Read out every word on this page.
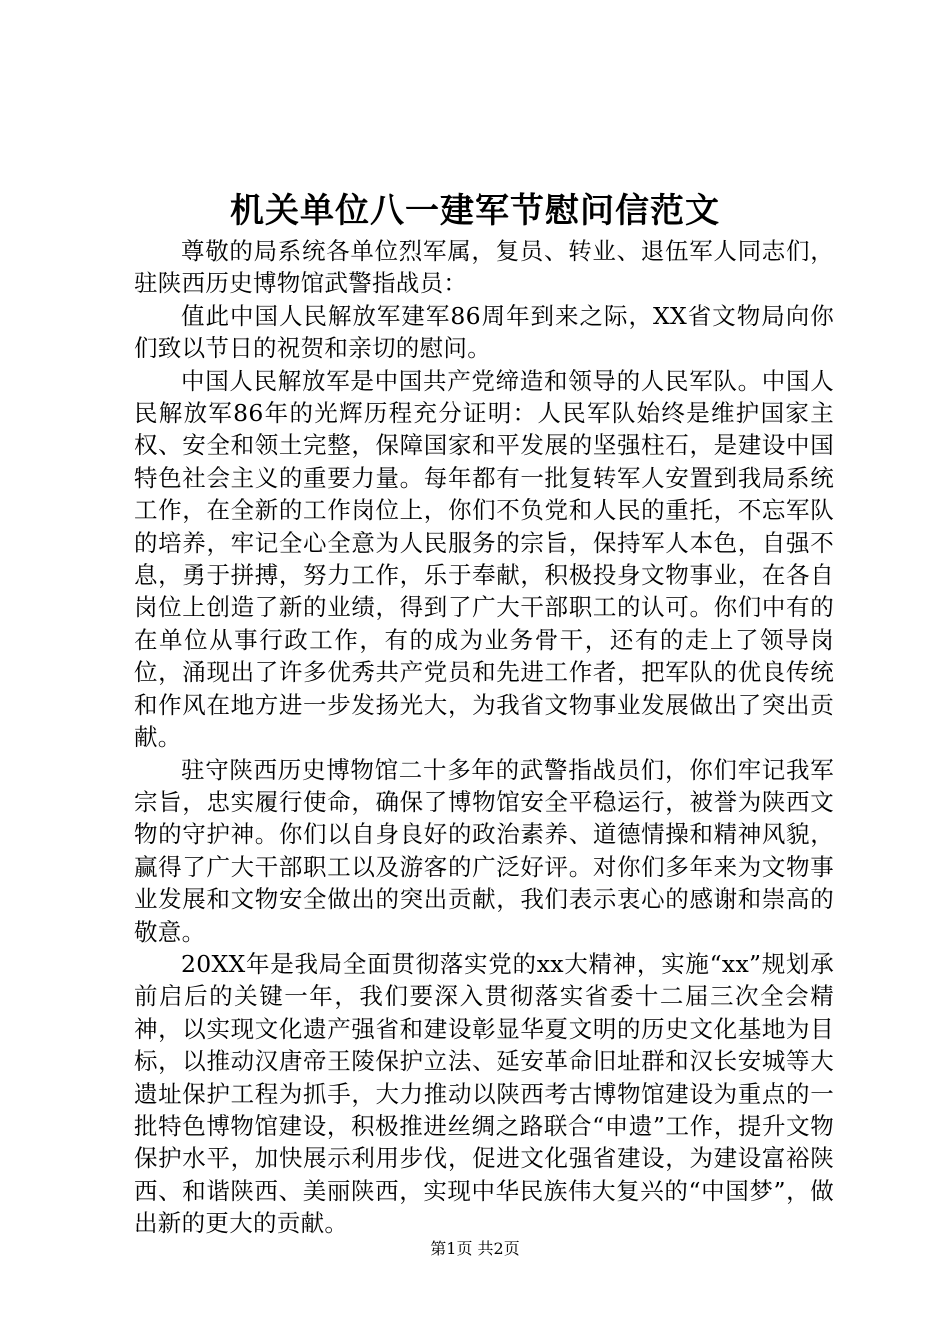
机关单位八一建军节慰问信范文

尊敬的局系统各单位烈军属，复员、转业、退伍军人同志们，驻陕西历史博物馆武警指战员：

值此中国人民解放军建军86周年到来之际，XX省文物局向你们致以节日的祝贺和亲切的慰问。

中国人民解放军是中国共产党缔造和领导的人民军队。中国人民解放军86年的光辉历程充分证明：人民军队始终是维护国家主权、安全和领土完整，保障国家和平发展的坚强柱石，是建设中国特色社会主义的重要力量。每年都有一批复转军人安置到我局系统工作，在全新的工作岗位上，你们不负党和人民的重托，不忘军队的培养，牢记全心全意为人民服务的宗旨，保持军人本色，自强不息，勇于拼搏，努力工作，乐于奉献，积极投身文物事业，在各自岗位上创造了新的业绩，得到了广大干部职工的认可。你们中有的在单位从事行政工作，有的成为业务骨干，还有的走上了领导岗位，涌现出了许多优秀共产党员和先进工作者，把军队的优良传统和作风在地方进一步发扬光大，为我省文物事业发展做出了突出贡献。

驻守陕西历史博物馆二十多年的武警指战员们，你们牢记我军宗旨，忠实履行使命，确保了博物馆安全平稳运行，被誉为陕西文物的守护神。你们以自身良好的政治素养、道德情操和精神风貌，赢得了广大干部职工以及游客的广泛好评。对你们多年来为文物事业发展和文物安全做出的突出贡献，我们表示衷心的感谢和崇高的敬意。

20XX年是我局全面贯彻落实党的xx大精神，实施“xx”规划承前启后的关键一年，我们要深入贯彻落实省委十二届三次全会精神，以实现文化遗产强省和建设彰显华夏文明的历史文化基地为目标，以推动汉唐帝王陵保护立法、延安革命旧址群和汉长安城等大遗址保护工程为抓手，大力推动以陕西考古博物馆建设为重点的一批特色博物馆建设，积极推进丝绸之路联合“申遗”工作，提升文物保护水平，加快展示利用步伐，促进文化强省建设，为建设富裕陕西、和谐陕西、美丽陕西，实现中华民族伟大复兴的“中国梦”，做出新的更大的贡献。

第1页 共2页
